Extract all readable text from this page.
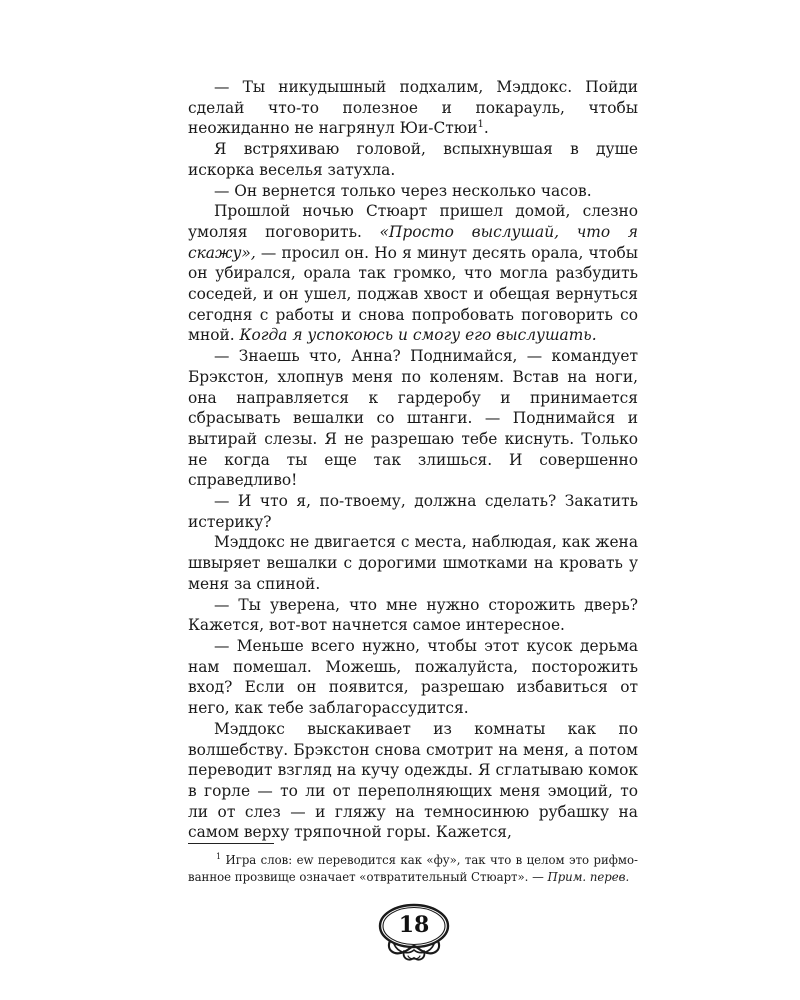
— Ты никудышный подхалим, Мэддокс. Пойди сделай что-то полезное и покарауль, чтобы неожиданно не нагрянул Юи-Стюи$^1$.

Я встряхиваю головой, вспыхнувшая в душе искорка веселья затухла.

— Он вернется только через несколько часов.

Прошлой ночью Стюарт пришел домой, слезно умоляя поговорить. «Просто выслушай, что я скажу», — просил он. Но я минут десять орала, чтобы он убирался, орала так громко, что могла разбудить соседей, и он ушел, поджав хвост и обещая вернуться сегодня с работы и снова попробовать поговорить со мной. Когда я успокоюсь и смогу его выслушать.

— Знаешь что, Анна? Поднимайся, — командует Брэкстон, хлопнув меня по коленям. Встав на ноги, она направляется к гардеробу и принимается сбрасывать вешалки со штанги. — Поднимайся и вытирай слезы. Я не разрешаю тебе киснуть. Только не когда ты еще так злишься. И совершенно справедливо!

— И что я, по-твоему, должна сделать? Закатить истерику?

Мэддокс не двигается с места, наблюдая, как жена швыряет вешалки с дорогими шмотками на кровать у меня за спиной.

— Ты уверена, что мне нужно сторожить дверь? Кажется, вот-вот начнется самое интересное.

— Меньше всего нужно, чтобы этот кусок дерьма нам помешал. Можешь, пожалуйста, посторожить вход? Если он появится, разрешаю избавиться от него, как тебе заблагорассудится.

Мэддокс выскакивает из комнаты как по волшебству. Брэкстон снова смотрит на меня, а потом переводит взгляд на кучу одежды. Я сглатываю комок в горле — то ли от переполняющих меня эмоций, то ли от слез — и гляжу на темносинюю рубашку на самом верху тряпочной горы. Кажется,

$^1$ Игра слов: ew переводится как «фу», так что в целом это рифмованное прозвище означает «отвратительный Стюарт». — Прим. перев.

18
